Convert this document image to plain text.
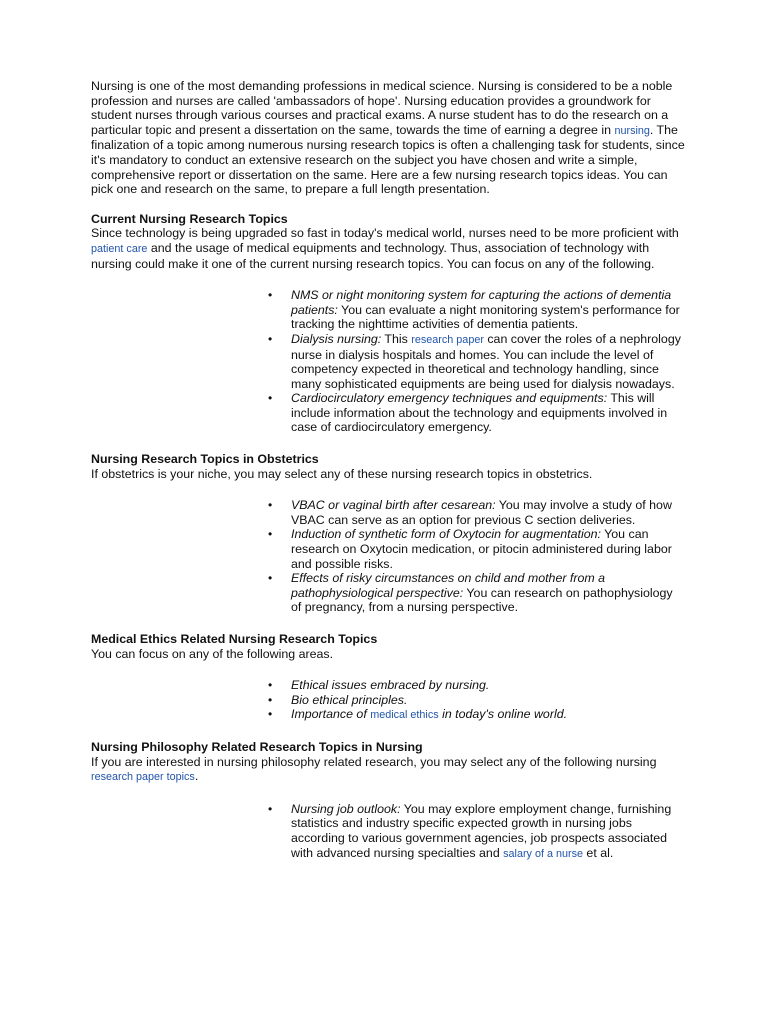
Nursing is one of the most demanding professions in medical science. Nursing is considered to be a noble profession and nurses are called 'ambassadors of hope'. Nursing education provides a groundwork for student nurses through various courses and practical exams. A nurse student has to do the research on a particular topic and present a dissertation on the same, towards the time of earning a degree in nursing. The finalization of a topic among numerous nursing research topics is often a challenging task for students, since it's mandatory to conduct an extensive research on the subject you have chosen and write a simple, comprehensive report or dissertation on the same. Here are a few nursing research topics ideas. You can pick one and research on the same, to prepare a full length presentation.

Current Nursing Research Topics

Since technology is being upgraded so fast in today's medical world, nurses need to be more proficient with patient care and the usage of medical equipments and technology. Thus, association of technology with nursing could make it one of the current nursing research topics. You can focus on any of the following.

• NMS or night monitoring system for capturing the actions of dementia patients: You can evaluate a night monitoring system's performance for tracking the nighttime activities of dementia patients.
• Dialysis nursing: This research paper can cover the roles of a nephrology nurse in dialysis hospitals and homes. You can include the level of competency expected in theoretical and technology handling, since many sophisticated equipments are being used for dialysis nowadays.
• Cardiocirculatory emergency techniques and equipments: This will include information about the technology and equipments involved in case of cardiocirculatory emergency.
Nursing Research Topics in Obstetrics

If obstetrics is your niche, you may select any of these nursing research topics in obstetrics.

• VBAC or vaginal birth after cesarean: You may involve a study of how VBAC can serve as an option for previous C section deliveries.
• Induction of synthetic form of Oxytocin for augmentation: You can research on Oxytocin medication, or pitocin administered during labor and possible risks.
• Effects of risky circumstances on child and mother from a pathophysiological perspective: You can research on pathophysiology of pregnancy, from a nursing perspective.
Medical Ethics Related Nursing Research Topics

You can focus on any of the following areas.

• Ethical issues embraced by nursing.
• Bio ethical principles.
• Importance of medical ethics in today's online world.
Nursing Philosophy Related Research Topics in Nursing

If you are interested in nursing philosophy related research, you may select any of the following nursing research paper topics.

• Nursing job outlook: You may explore employment change, furnishing statistics and industry specific expected growth in nursing jobs according to various government agencies, job prospects associated with advanced nursing specialties and salary of a nurse et al.
